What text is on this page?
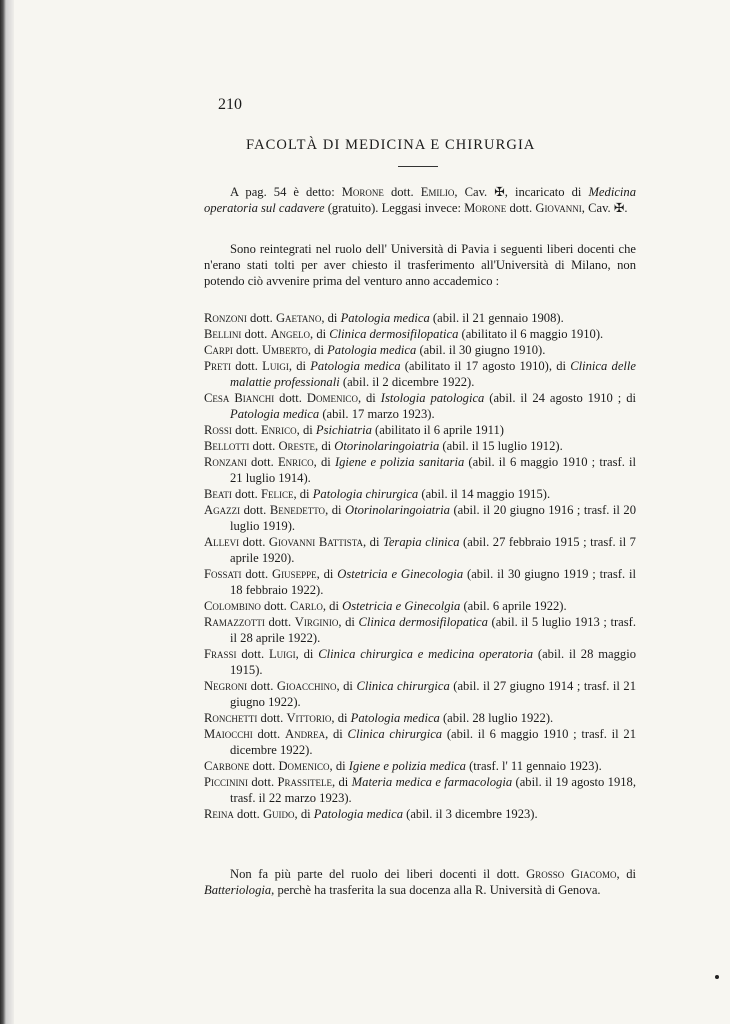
210
FACOLTÀ DI MEDICINA E CHIRURGIA
A pag. 54 è detto: Morone dott. Emilio, Cav. ✠, incaricato di Medicina operatoria sul cadavere (gratuito). Leggasi invece: Morone dott. Giovanni, Cav. ✠.
Sono reintegrati nel ruolo dell' Università di Pavia i seguenti liberi docenti che n'erano stati tolti per aver chiesto il trasferimento all'Università di Milano, non potendo ciò avvenire prima del venturo anno accademico :

Ronzoni dott. Gaetano, di Patologia medica (abil. il 21 gennaio 1908).

Bellini dott. Angelo, di Clinica dermosifilopatica (abilitato il 6 maggio 1910).

Carpi dott. Umberto, di Patologia medica (abil. il 30 giugno 1910).

Preti dott. Luigi, di Patologia medica (abilitato il 17 agosto 1910), di Clinica delle malattie professionali (abil. il 2 dicembre 1922).

Cesa Bianchi dott. Domenico, di Istologia patologica (abil. il 24 agosto 1910 ; di Patologia medica (abil. 17 marzo 1923).

Rossi dott. Enrico, di Psichiatria (abilitato il 6 aprile 1911)

Bellotti dott. Oreste, di Otorinolaringoiatria (abil. il 15 luglio 1912).

Ronzani dott. Enrico, di Igiene e polizia sanitaria (abil. il 6 maggio 1910 ; trasf. il 21 luglio 1914).

Beati dott. Felice, di Patologia chirurgica (abil. il 14 maggio 1915).

Agazzi dott. Benedetto, di Otorinolaringoiatria (abil. il 20 giugno 1916 ; trasf. il 20 luglio 1919).

Allevi dott. Giovanni Battista, di Terapia clinica (abil. 27 febbraio 1915 ; trasf. il 7 aprile 1920).

Fossati dott. Giuseppe, di Ostetricia e Ginecologia (abil. il 30 giugno 1919 ; trasf. il 18 febbraio 1922).

Colombino dott. Carlo, di Ostetricia e Ginecolgia (abil. 6 aprile 1922).

Ramazzotti dott. Virginio, di Clinica dermosifilopatica (abil. il 5 luglio 1913 ; trasf. il 28 aprile 1922).

Frassi dott. Luigi, di Clinica chirurgica e medicina operatoria (abil. il 28 maggio 1915).

Negroni dott. Gioacchino, di Clinica chirurgica (abil. il 27 giugno 1914 ; trasf. il 21 giugno 1922).

Ronchetti dott. Vittorio, di Patologia medica (abil. 28 luglio 1922).

Maiocchi dott. Andrea, di Clinica chirurgica (abil. il 6 maggio 1910 ; trasf. il 21 dicembre 1922).

Carbone dott. Domenico, di Igiene e polizia medica (trasf. l' 11 gennaio 1923).

Piccinini dott. Prassitele, di Materia medica e farmacologia (abil. il 19 agosto 1918, trasf. il 22 marzo 1923).

Reina dott. Guido, di Patologia medica (abil. il 3 dicembre 1923).

Non fa più parte del ruolo dei liberi docenti il dott. Grosso Giacomo, di Batteriologia, perchè ha trasferita la sua docenza alla R. Università di Genova.
